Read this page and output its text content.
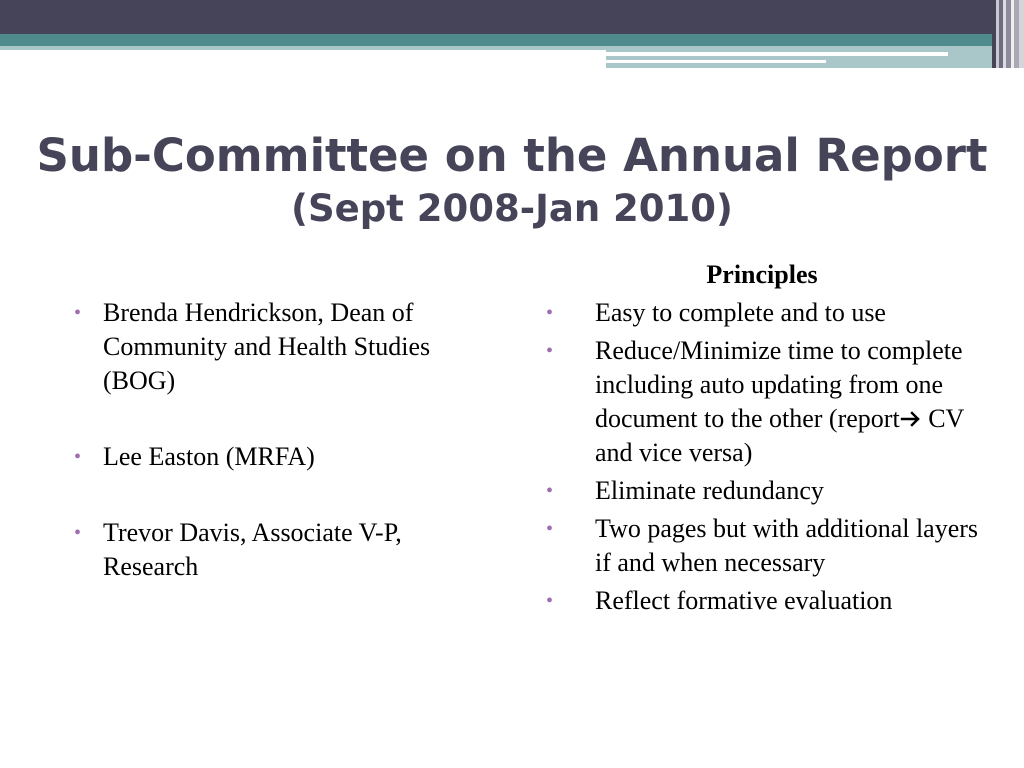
Sub-Committee on the Annual Report
(Sept 2008-Jan 2010)
• Brenda Hendrickson, Dean of Community and Health Studies (BOG)
• Lee Easton (MRFA)
• Trevor Davis, Associate V-P, Research
Principles
• Easy to complete and to use
• Reduce/Minimize time to complete including auto updating from one document to the other (report CV and vice versa)
• Eliminate redundancy
• Two pages but with additional layers if and when necessary
• Reflect formative evaluation
